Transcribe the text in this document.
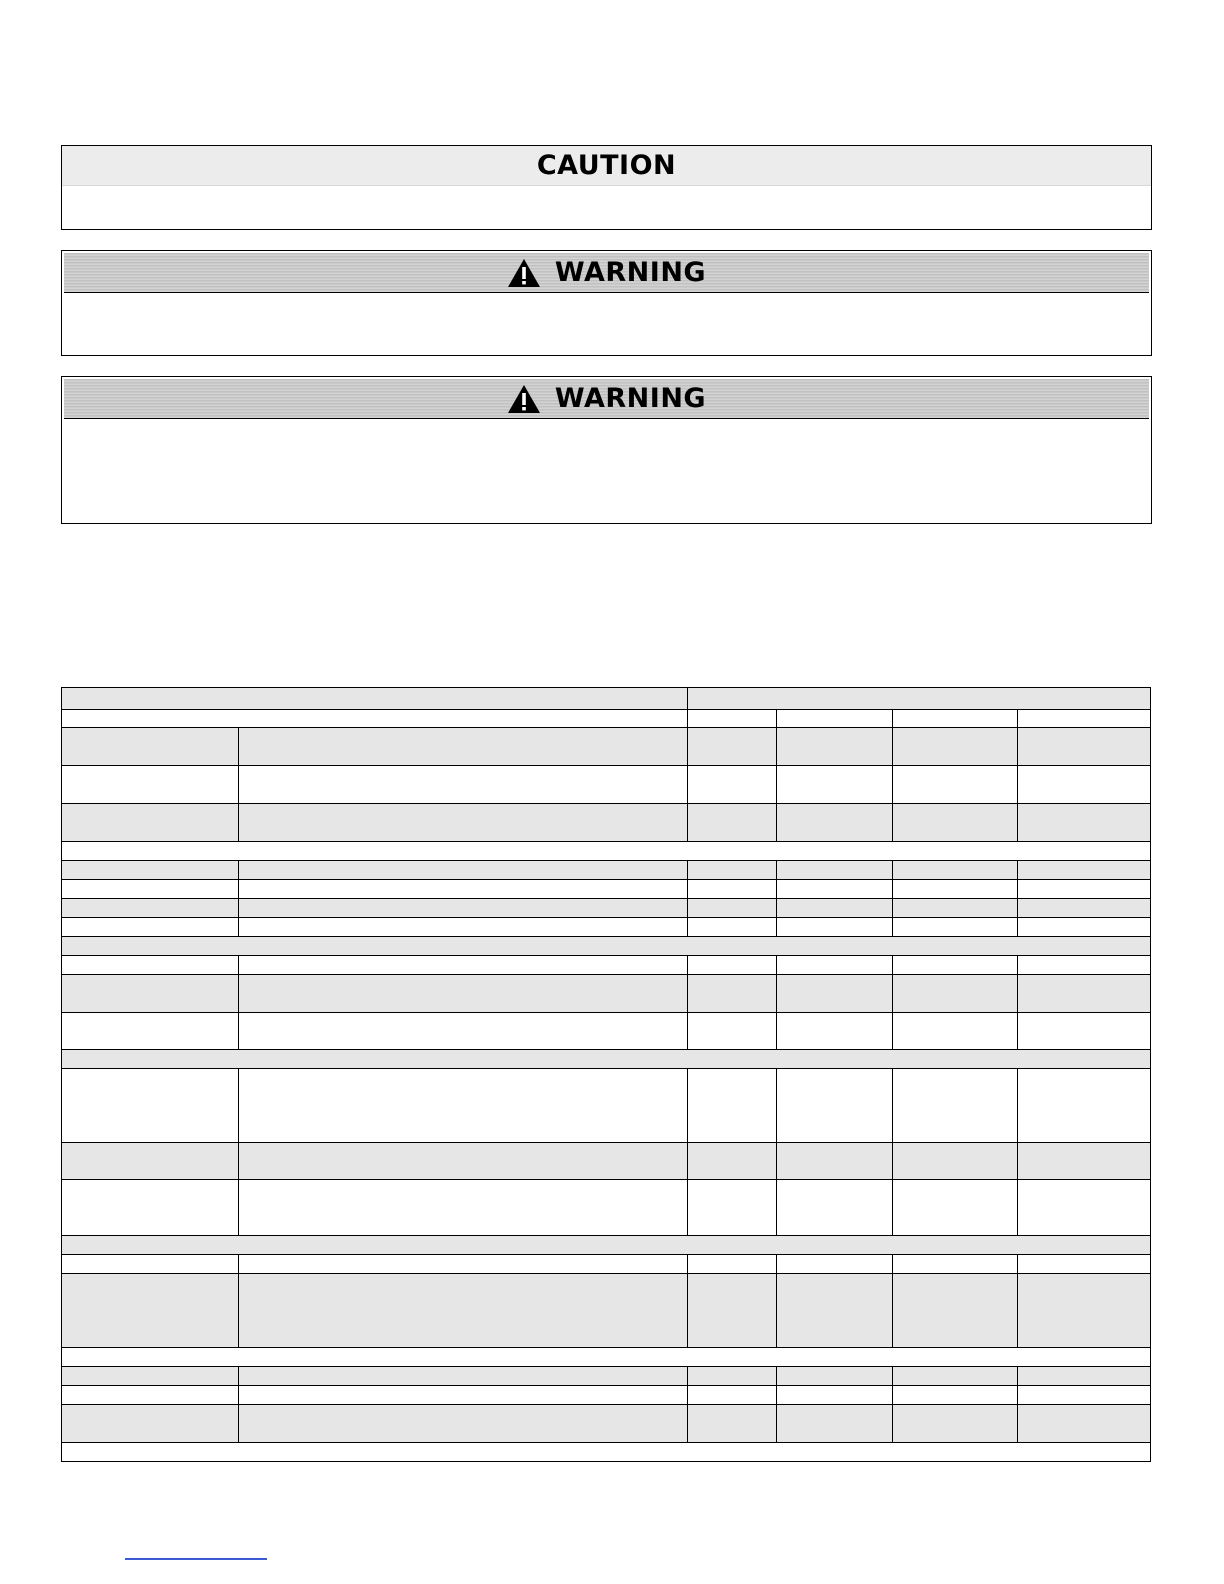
CAUTION
WARNING
WARNING
